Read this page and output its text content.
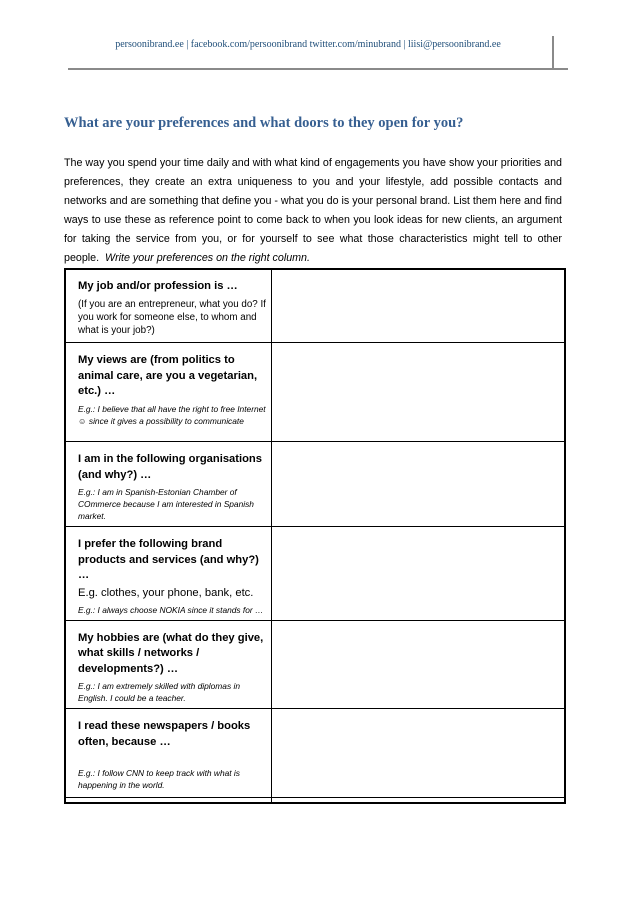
persoonibrand.ee | facebook.com/persoonibrand twitter.com/minubrand | liisi@persoonibrand.ee
What are your preferences and what doors to they open for you?

The way you spend your time daily and with what kind of engagements you have show your priorities and preferences, they create an extra uniqueness to you and your lifestyle, add possible contacts and networks and are something that define you - what you do is your personal brand. List them here and find ways to use these as reference point to come back to when you look ideas for new clients, an argument for taking the service from you, or for yourself to see what those characteristics might tell to other people. Write your preferences on the right column.

My job and/or profession is …
(If you are an entrepreneur, what you do? If you work for someone else, to whom and what is your job?)	

My views are (from politics to animal care, are you a vegetarian, etc.) …
E.g.: I believe that all have the right to free Internet ☺ since it gives a possibility to communicate	

I am in the following organisations (and why?) …
E.g.: I am in Spanish-Estonian Chamber of COmmerce because I am interested in Spanish market.	

I prefer the following brand products and services (and why?) …
E.g. clothes, your phone, bank, etc.
E.g.: I always choose NOKIA since it stands for …	

My hobbies are (what do they give, what skills / networks / developments?) …
E.g.: I am extremely skilled with diplomas in English. I could be a teacher.	

I read these newspapers / books often, because …
E.g.: I follow CNN to keep track with what is happening in the world.	
